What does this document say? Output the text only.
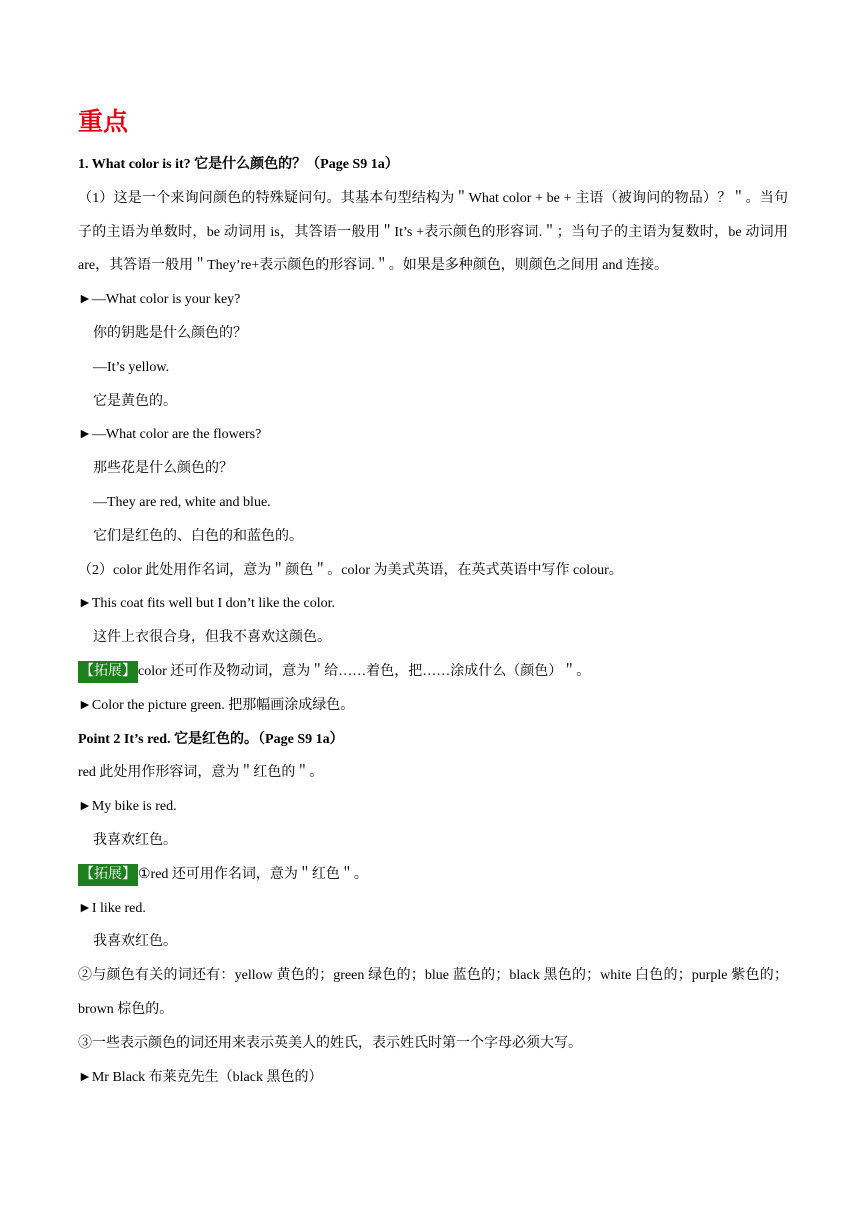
重点
1. What color is it? 它是什么颜色的？（Page S9 1a）
（1）这是一个来询问颜色的特殊疑问句。其基本句型结构为＂What color + be + 主语（被询问的物品）？＂。当句子的主语为单数时，be 动词用 is，其答语一般用＂It’s +表示颜色的形容词.＂；当句子的主语为复数时，be 动词用 are，其答语一般用＂They’re+表示颜色的形容词.＂。如果是多种颜色，则颜色之间用 and 连接。
►—What color is your key?
你的钥匙是什么颜色的？
—It’s yellow.
它是黄色的。
►—What color are the flowers?
那些花是什么颜色的？
—They are red, white and blue.
它们是红色的、白色的和蓝色的。
（2）color 此处用作名词，意为＂颜色＂。color 为美式英语，在英式英语中写作 colour。
►This coat fits well but I don’t like the color.
这件上衣很合身，但我不喜欢这颜色。
【拓展】 color 还可作及物动词，意为＂给……着色，把……涂成什么（颜色）＂。
►Color the picture green. 把那幅画涂成绿色。
Point 2 It’s red. 它是红色的。（Page S9 1a）
red 此处用作形容词，意为＂红色的＂。
►My bike is red.
我喜欢红色。
【拓展】 ①red 还可用作名词，意为＂红色＂。
►I like red.
我喜欢红色。
②与颜色有关的词还有：yellow 黄色的；green 绿色的；blue 蓝色的；black 黑色的；white 白色的；purple 紫色的；brown 棕色的。
③一些表示颜色的词还用来表示英美人的姓氏，表示姓氏时第一个字母必须大写。
►Mr Black 布莱克先生（black 黑色的）
